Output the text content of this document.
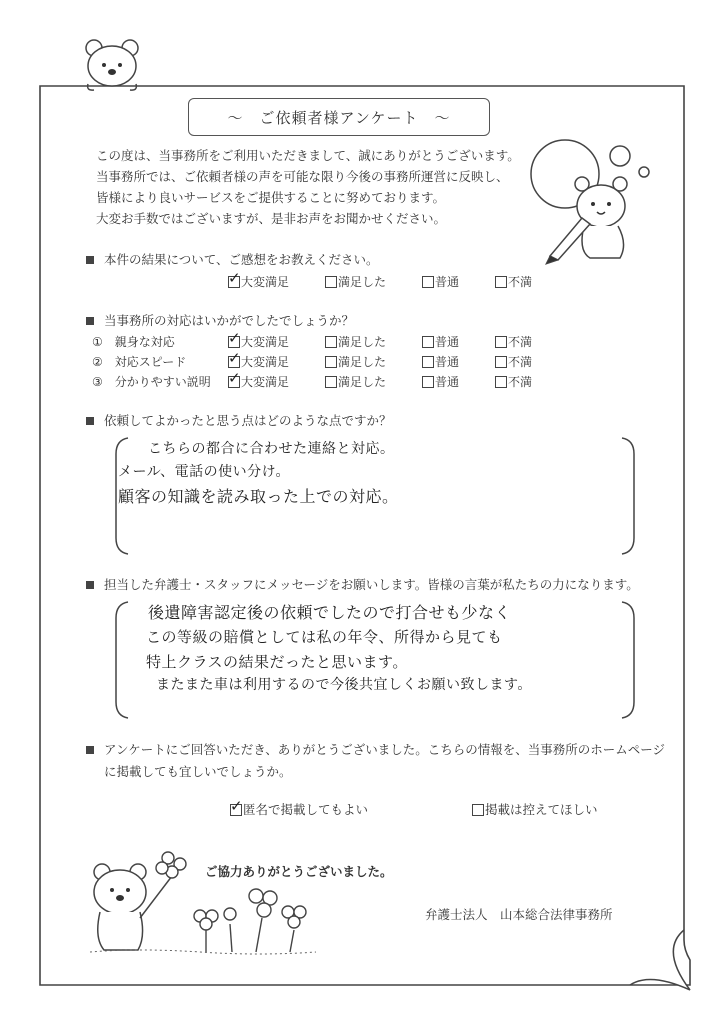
～　ご依頼者様アンケート　～

この度は、当事務所をご利用いただきまして、誠にありがとうございます。

当事務所では、ご依頼者様の声を可能な限り今後の事務所運営に反映し、

皆様により良いサービスをご提供することに努めております。

大変お手数ではございますが、是非お声をお聞かせください。

本件の結果について、ご感想をお教えください。
✓ 大変満足	満足した	普通	不満
当事務所の対応はいかがでしたでしょうか？
① 親身な対応	✓ 大変満足	満足した	普通	不満
② 対応スピード	✓ 大変満足	満足した	普通	不満
③ 分かりやすい説明 ✓ 大変満足	満足した	普通	不満
依頼してよかったと思う点はどのような点ですか？
こちらの都合に合わせた連絡と対応。
メール、電話の使い分け。
顧客の知識を読み取った上での対応。
担当した弁護士・スタッフにメッセージをお願いします。皆様の言葉が私たちの力になります。
後遺障害認定後の依頼でしたので打合せも少なく
この等級の賠償としては私の年令、所得から見ても
特上クラスの結果だったと思います。
またまた車は利用するので今後共宜しくお願い致します。
アンケートにご回答いただき、ありがとうございました。こちらの情報を、当事務所のホームページ
に掲載しても宜しいでしょうか。
✓ 匿名で掲載してもよい	掲載は控えてほしい
ご協力ありがとうございました。
弁護士法人　山本総合法律事務所
